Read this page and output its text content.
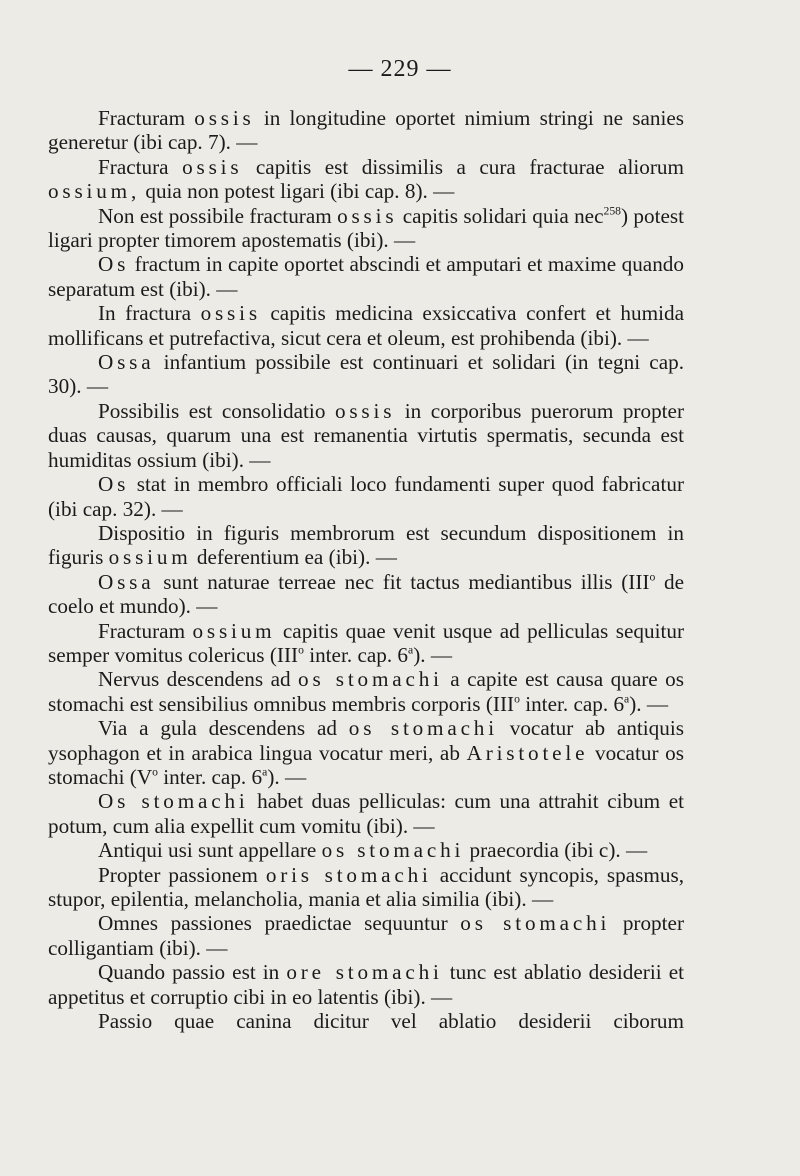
— 229 —

Fracturam ossis in longitudine oportet nimium stringi ne sanies generetur (ibi cap. 7). —

Fractura ossis capitis est dissimilis a cura fracturae aliorum ossium, quia non potest ligari (ibi cap. 8). —

Non est possibile fracturam ossis capitis solidari quia nec$^{258}$) potest ligari propter timorem apostematis (ibi). —

Os fractum in capite oportet abscindi et amputari et maxime quando separatum est (ibi). —

In fractura ossis capitis medicina exsiccativa confert et humida mollificans et putrefactiva, sicut cera et oleum, est prohibenda (ibi). —

Ossa infantium possibile est continuari et solidari (in tegni cap. 30). —

Possibilis est consolidatio ossis in corporibus puerorum propter duas causas, quarum una est remanentia virtutis spermatis, secunda est humiditas ossium (ibi). —

Os stat in membro officiali loco fundamenti super quod fabricatur (ibi cap. 32). —

Dispositio in figuris membrorum est secundum dispositionem in figuris ossium deferentium ea (ibi). —

Ossa sunt naturae terreae nec fit tactus mediantibus illis (III$^o$ de coelo et mundo). —

Fracturam ossium capitis quae venit usque ad pelliculas sequitur semper vomitus colericus (III$^o$ inter. cap. 6$^a$). —

Nervus descendens ad os stomachi a capite est causa quare os stomachi est sensibilius omnibus membris corporis (III$^o$ inter. cap. 6$^a$). —

Via a gula descendens ad os stomachi vocatur ab antiquis ysophagon et in arabica lingua vocatur meri, ab Aristotele vocatur os stomachi ($V^o$ inter. cap. 6$^a$). —

Os stomachi habet duas pelliculas: cum una attrahit cibum et potum, cum alia expellit cum vomitu (ibi). —

Antiqui usi sunt appellare os stomachi praecordia (ibi c). —

Propter passionem oris stomachi accidunt syncopis, spasmus, stupor, epilentia, melancholia, mania et alia similia (ibi). —

Omnes passiones praedictae sequuntur os stomachi propter colligantiam (ibi). —

Quando passio est in ore stomachi tunc est ablatio desiderii et appetitus et corruptio cibi in eo latentis (ibi). —

Passio quae canina dicitur vel ablatio desiderii ciborum
